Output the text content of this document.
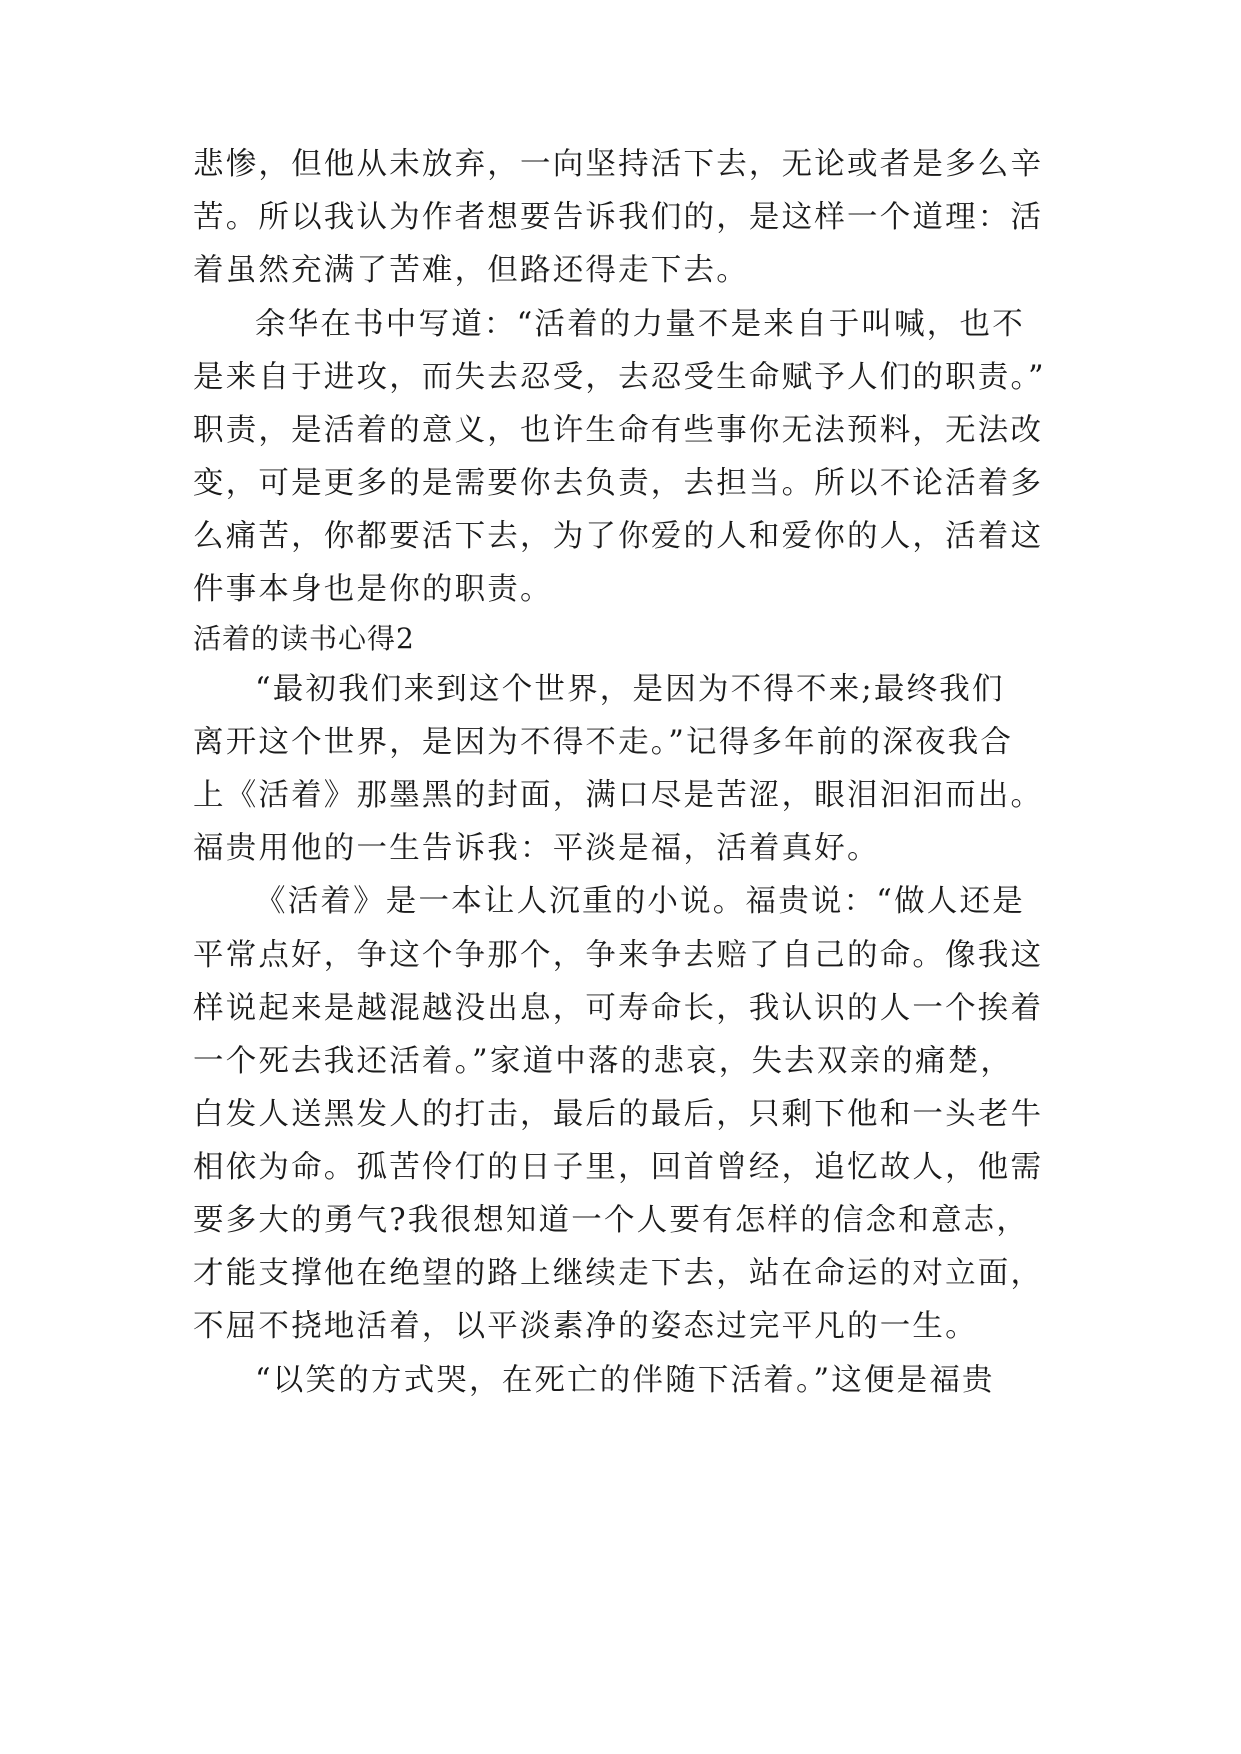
悲惨，但他从未放弃，一向坚持活下去，无论或者是多么辛
苦。所以我认为作者想要告诉我们的，是这样一个道理：活
着虽然充满了苦难，但路还得走下去。
余华在书中写道：“活着的力量不是来自于叫喊，也不
是来自于进攻，而失去忍受，去忍受生命赋予人们的职责。”
职责，是活着的意义，也许生命有些事你无法预料，无法改
变，可是更多的是需要你去负责，去担当。所以不论活着多
么痛苦，你都要活下去，为了你爱的人和爱你的人，活着这
件事本身也是你的职责。
活着的读书心得2
“最初我们来到这个世界，是因为不得不来;最终我们
离开这个世界，是因为不得不走。”记得多年前的深夜我合
上《活着》那墨黑的封面，满口尽是苦涩，眼泪汩汩而出。
福贵用他的一生告诉我：平淡是福，活着真好。
《活着》是一本让人沉重的小说。福贵说：“做人还是
平常点好，争这个争那个，争来争去赔了自己的命。像我这
样说起来是越混越没出息，可寿命长，我认识的人一个挨着
一个死去我还活着。”家道中落的悲哀，失去双亲的痛楚，
白发人送黑发人的打击，最后的最后，只剩下他和一头老牛
相依为命。孤苦伶仃的日子里，回首曾经，追忆故人，他需
要多大的勇气?我很想知道一个人要有怎样的信念和意志，
才能支撑他在绝望的路上继续走下去，站在命运的对立面，
不屈不挠地活着，以平淡素净的姿态过完平凡的一生。
“以笑的方式哭，在死亡的伴随下活着。”这便是福贵
